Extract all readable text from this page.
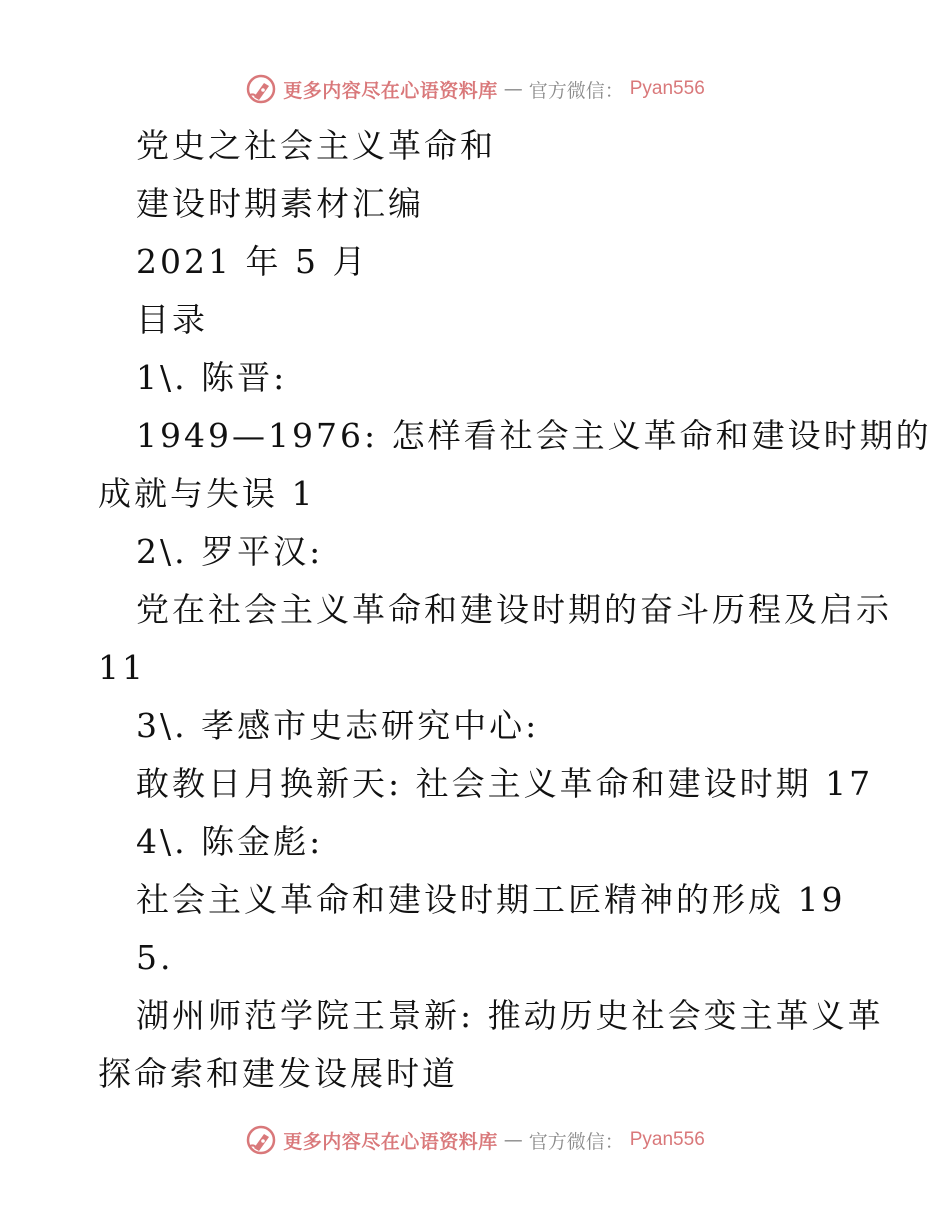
更多内容尽在心语资料库 — 官方微信： Pyan556
党史之社会主义革命和
建设时期素材汇编
2021 年 5 月
目录
1\. 陈晋:
1949—1976: 怎样看社会主义革命和建设时期的
成就与失误 1
2\. 罗平汉:
党在社会主义革命和建设时期的奋斗历程及启示
11
3\. 孝感市史志研究中心:
敢教日月换新天: 社会主义革命和建设时期 17
4\. 陈金彪:
社会主义革命和建设时期工匠精神的形成 19
5.
湖州师范学院王景新: 推动历史社会变主革义革
探命索和建发设展时道
更多内容尽在心语资料库 — 官方微信： Pyan556
